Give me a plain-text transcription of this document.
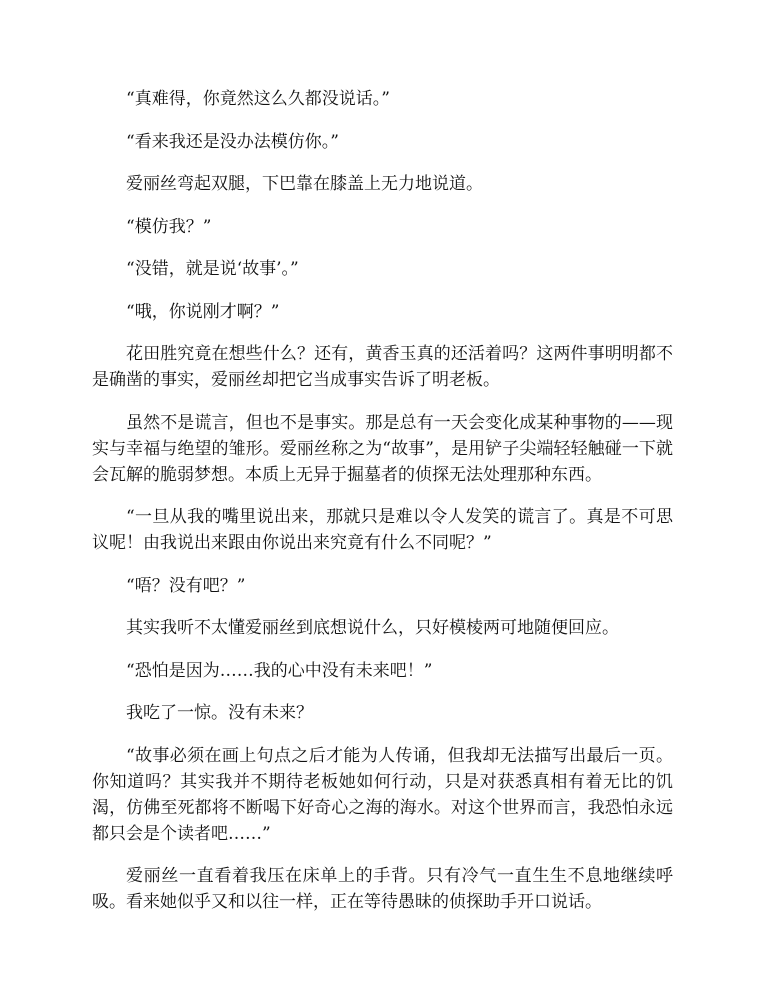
“真难得，你竟然这么久都没说话。”

“看来我还是没办法模仿你。”

爱丽丝弯起双腿，下巴靠在膝盖上无力地说道。

“模仿我？”

“没错，就是说‘故事’。”

“哦，你说刚才啊？”

花田胜究竟在想些什么？还有，黄香玉真的还活着吗？这两件事明明都不是确凿的事实，爱丽丝却把它当成事实告诉了明老板。

虽然不是谎言，但也不是事实。那是总有一天会变化成某种事物的——现实与幸福与绝望的雏形。爱丽丝称之为“故事”，是用铲子尖端轻轻触碰一下就会瓦解的脆弱梦想。本质上无异于掘墓者的侦探无法处理那种东西。

“一旦从我的嘴里说出来，那就只是难以令人发笑的谎言了。真是不可思议呢！由我说出来跟由你说出来究竟有什么不同呢？”

“唔？没有吧？”

其实我听不太懂爱丽丝到底想说什么，只好模棱两可地随便回应。

“恐怕是因为……我的心中没有未来吧！”

我吃了一惊。没有未来？

“故事必须在画上句点之后才能为人传诵，但我却无法描写出最后一页。你知道吗？其实我并不期待老板她如何行动，只是对获悉真相有着无比的饥渴，仿佛至死都将不断喝下好奇心之海的海水。对这个世界而言，我恐怕永远都只会是个读者吧……”

爱丽丝一直看着我压在床单上的手背。只有冷气一直生生不息地继续呼吸。看来她似乎又和以往一样，正在等待愚昧的侦探助手开口说话。
